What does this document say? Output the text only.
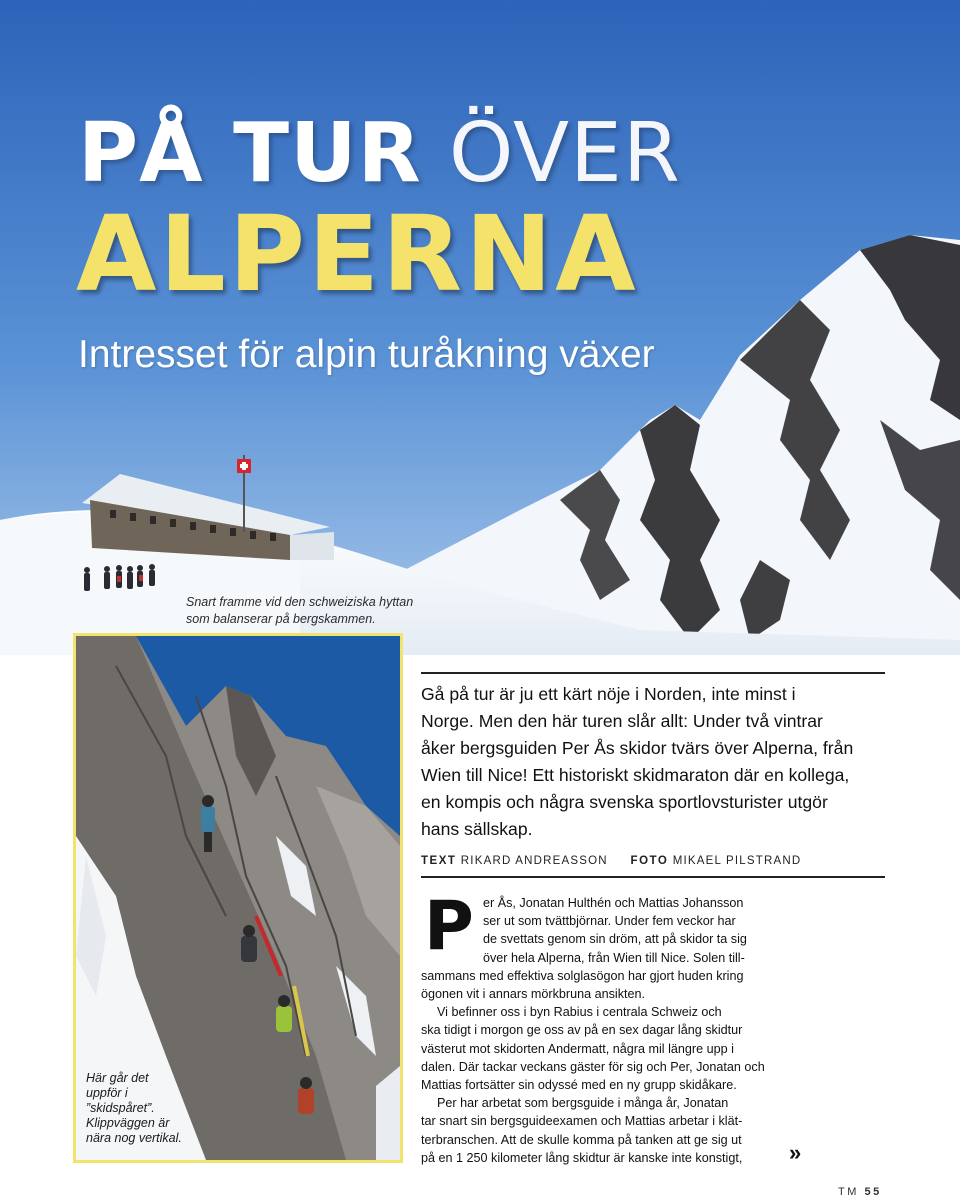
PÅ TUR ÖVER
ALPERNA
Intresset för alpin turåkning växer
Snart framme vid den schweiziska hyttan
som balanserar på bergskammen.
Här går det
uppför i
”skidspåret”.
Klippväggen är
nära nog vertikal.

Gå på tur är ju ett kärt nöje i Norden, inte minst i

Norge. Men den här turen slår allt: Under två vintrar

åker bergsguiden Per Ås skidor tvärs över Alperna, från

Wien till Nice! Ett historiskt skidmaraton där en kollega,

en kompis och några svenska sportlovsturister utgör

hans sällskap.

TEXT RIKARD ANDREASSON FOTO MIKAEL PILSTRAND
P er Ås, Jonatan Hulthén och Mattias Johansson

ser ut som tvättbjörnar. Under fem veckor har

de svettats genom sin dröm, att på skidor ta sig

över hela Alperna, från Wien till Nice. Solen till-

sammans med effektiva solglasögon har gjort huden kring

ögonen vit i annars mörkbruna ansikten.

Vi befinner oss i byn Rabius i centrala Schweiz och

ska tidigt i morgon ge oss av på en sex dagar lång skidtur

västerut mot skidorten Andermatt, några mil längre upp i

dalen. Där tackar veckans gäster för sig och Per, Jonatan och

Mattias fortsätter sin odyssé med en ny grupp skidåkare.

Per har arbetat som bergsguide i många år, Jonatan

tar snart sin bergsguideexamen och Mattias arbetar i klät-

terbranschen. Att de skulle komma på tanken att ge sig ut

på en 1 250 kilometer lång skidtur är kanske inte konstigt,	»
TM 55
